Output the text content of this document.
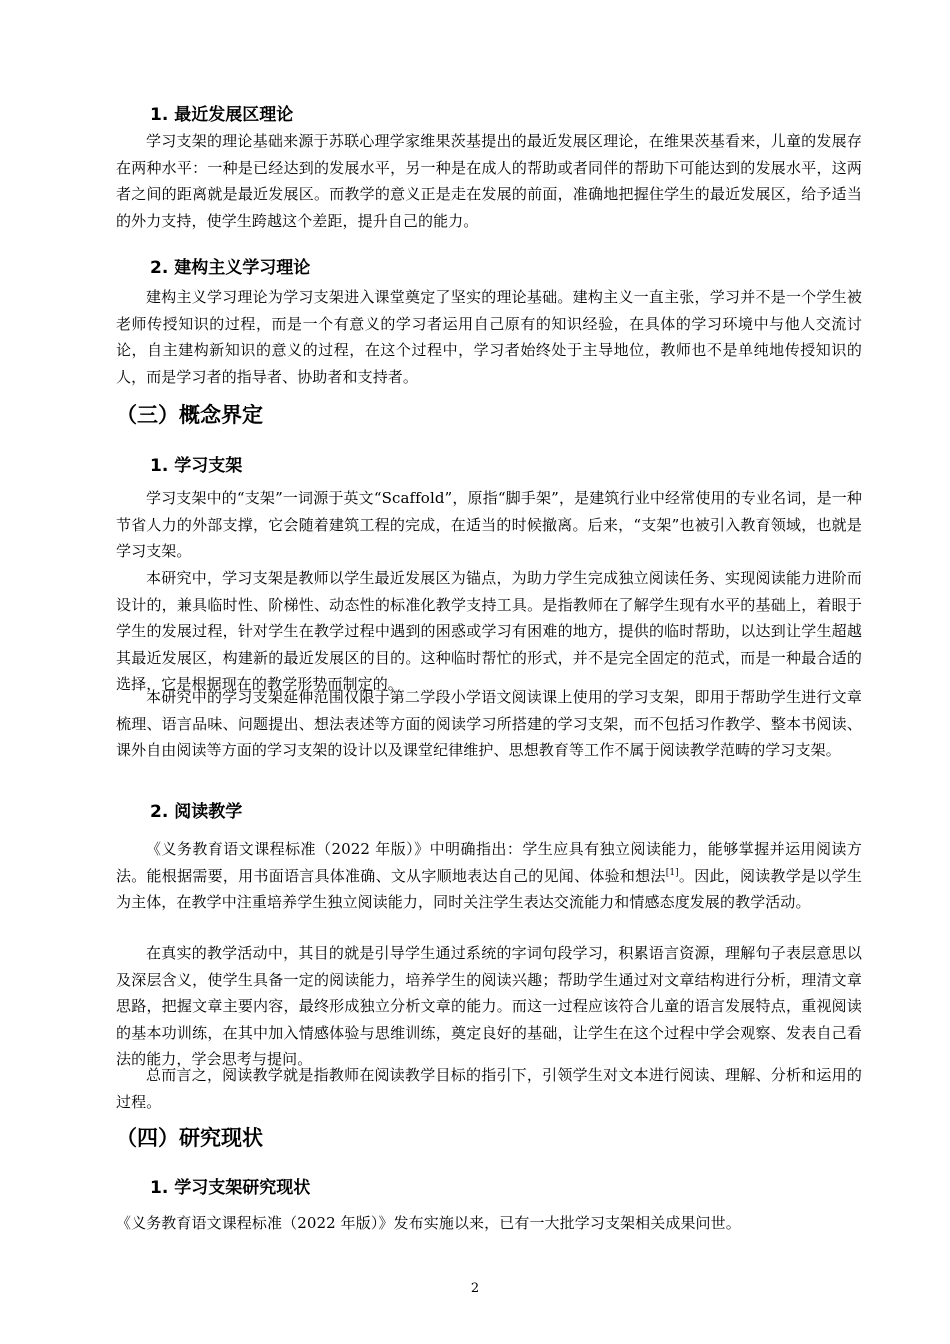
1. 最近发展区理论

学习支架的理论基础来源于苏联心理学家维果茨基提出的最近发展区理论，在维果茨基看来，儿童的发展存在两种水平：一种是已经达到的发展水平，另一种是在成人的帮助或者同伴的帮助下可能达到的发展水平，这两者之间的距离就是最近发展区。而教学的意义正是走在发展的前面，准确地把握住学生的最近发展区，给予适当的外力支持，使学生跨越这个差距，提升自己的能力。

2. 建构主义学习理论

建构主义学习理论为学习支架进入课堂奠定了坚实的理论基础。建构主义一直主张，学习并不是一个学生被老师传授知识的过程，而是一个有意义的学习者运用自己原有的知识经验，在具体的学习环境中与他人交流讨论，自主建构新知识的意义的过程，在这个过程中，学习者始终处于主导地位，教师也不是单纯地传授知识的人，而是学习者的指导者、协助者和支持者。

（三）概念界定
1. 学习支架

学习支架中的“支架”一词源于英文“Scaffold”，原指“脚手架”，是建筑行业中经常使用的专业名词，是一种节省人力的外部支撑，它会随着建筑工程的完成，在适当的时候撤离。后来，“支架”也被引入教育领域，也就是学习支架。

本研究中，学习支架是教师以学生最近发展区为锚点，为助力学生完成独立阅读任务、实现阅读能力进阶而设计的，兼具临时性、阶梯性、动态性的标准化教学支持工具。是指教师在了解学生现有水平的基础上，着眼于学生的发展过程，针对学生在教学过程中遇到的困惑或学习有困难的地方，提供的临时帮助，以达到让学生超越其最近发展区，构建新的最近发展区的目的。这种临时帮忙的形式，并不是完全固定的范式，而是一种最合适的选择，它是根据现在的教学形势而制定的。

本研究中的学习支架延伸范围仅限于第二学段小学语文阅读课上使用的学习支架，即用于帮助学生进行文章梳理、语言品味、问题提出、想法表述等方面的阅读学习所搭建的学习支架，而不包括习作教学、整本书阅读、课外自由阅读等方面的学习支架的设计以及课堂纪律维护、思想教育等工作不属于阅读教学范畴的学习支架。

2. 阅读教学

《义务教育语文课程标准（2022 年版）》中明确指出：学生应具有独立阅读能力，能够掌握并运用阅读方法。能根据需要，用书面语言具体准确、文从字顺地表达自己的见闻、体验和想法[1]。因此，阅读教学是以学生为主体，在教学中注重培养学生独立阅读能力，同时关注学生表达交流能力和情感态度发展的教学活动。

在真实的教学活动中，其目的就是引导学生通过系统的字词句段学习，积累语言资源，理解句子表层意思以及深层含义，使学生具备一定的阅读能力，培养学生的阅读兴趣；帮助学生通过对文章结构进行分析，理清文章思路，把握文章主要内容，最终形成独立分析文章的能力。而这一过程应该符合儿童的语言发展特点，重视阅读的基本功训练，在其中加入情感体验与思维训练，奠定良好的基础，让学生在这个过程中学会观察、发表自己看法的能力，学会思考与提问。

总而言之，阅读教学就是指教师在阅读教学目标的指引下，引领学生对文本进行阅读、理解、分析和运用的过程。

（四）研究现状
1. 学习支架研究现状

《义务教育语文课程标准（2022 年版）》发布实施以来，已有一大批学习支架相关成果问世。

2
